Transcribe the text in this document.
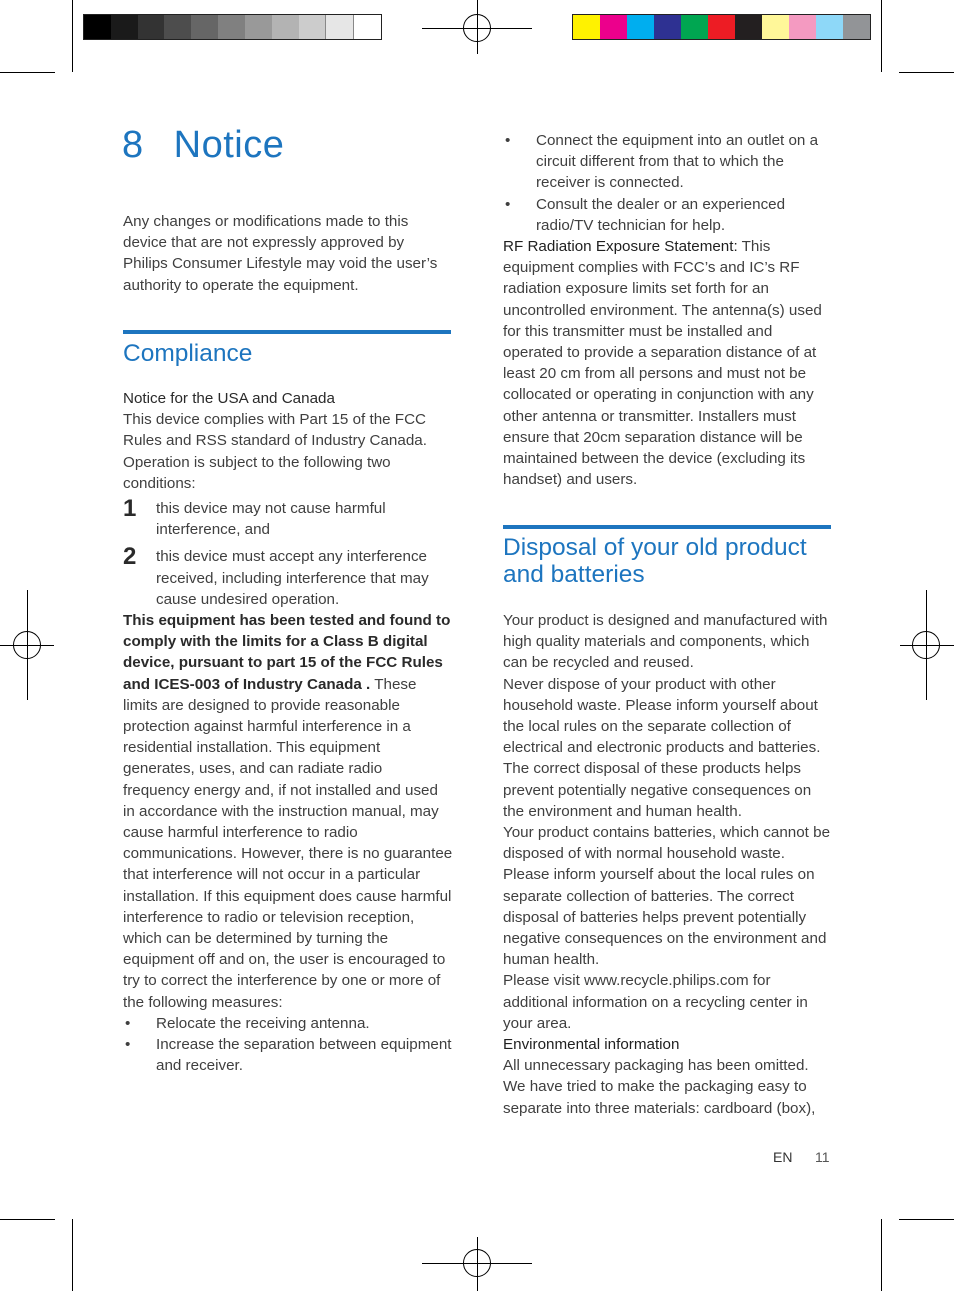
8 Notice

Any changes or modifications made to this device that are not expressly approved by Philips Consumer Lifestyle may void the user’s authority to operate the equipment.

Compliance

Notice for the USA and Canada

This device complies with Part 15 of the FCC Rules and RSS standard of Industry Canada. Operation is subject to the following two conditions:

1	this device may not cause harmful interference, and
2	this device must accept any interference received, including interference that may cause undesired operation.

This equipment has been tested and found to comply with the limits for a Class B digital device, pursuant to part 15 of the FCC Rules and ICES-003 of Industry Canada . These limits are designed to provide reasonable protection against harmful interference in a residential installation. This equipment generates, uses, and can radiate radio frequency energy and, if not installed and used in accordance with the instruction manual, may cause harmful interference to radio communications. However, there is no guarantee that interference will not occur in a particular installation. If this equipment does cause harmful interference to radio or television reception, which can be determined by turning the equipment off and on, the user is encouraged to try to correct the interference by one or more of the following measures:

•	Relocate the receiving antenna.
•	Increase the separation between equipment and receiver.
•	Connect the equipment into an outlet on a circuit different from that to which the receiver is connected.
•	Consult the dealer or an experienced radio/TV technician for help.

RF Radiation Exposure Statement: This equipment complies with FCC’s and IC’s RF radiation exposure limits set forth for an uncontrolled environment. The antenna(s) used for this transmitter must be installed and operated to provide a separation distance of at least 20 cm from all persons and must not be collocated or operating in conjunction with any other antenna or transmitter. Installers must ensure that 20cm separation distance will be maintained between the device (excluding its handset) and users.

Disposal of your old product and batteries

Your product is designed and manufactured with high quality materials and components, which can be recycled and reused.

Never dispose of your product with other household waste. Please inform yourself about the local rules on the separate collection of electrical and electronic products and batteries. The correct disposal of these products helps prevent potentially negative consequences on the environment and human health.

Your product contains batteries, which cannot be disposed of with normal household waste. Please inform yourself about the local rules on separate collection of batteries. The correct disposal of batteries helps prevent potentially negative consequences on the environment and human health.

Please visit www.recycle.philips.com for additional information on a recycling center in your area.

Environmental information

All unnecessary packaging has been omitted. We have tried to make the packaging easy to separate into three materials: cardboard (box),

EN 11
